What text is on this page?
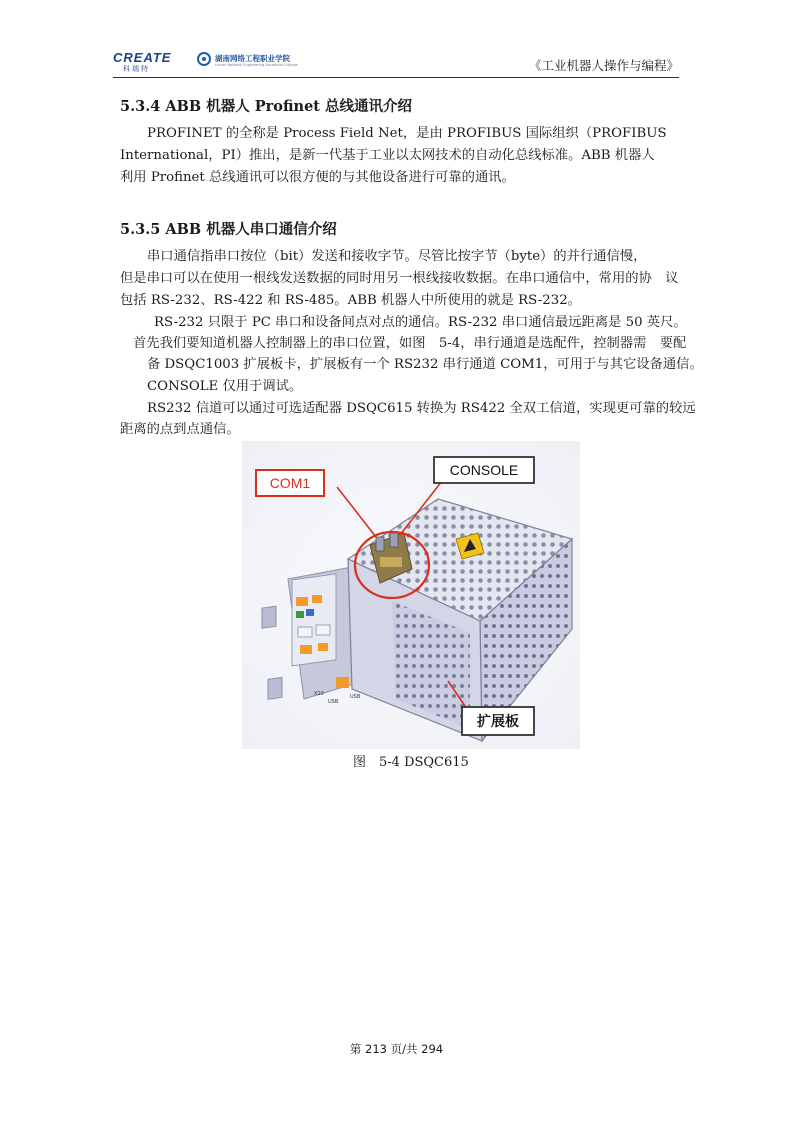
CREATE
科瑞特
湖南网络工程职业学院
Hunan Network Engineering Vocational College	《工业机器人操作与编程》
5.3.4 ABB 机器人 Profinet 总线通讯介绍
PROFINET 的全称是 Process Field Net，是由 PROFIBUS 国际组织（PROFIBUS
International，PI）推出，是新一代基于工业以太网技术的自动化总线标准。ABB 机器人
利用 Profinet 总线通讯可以很方便的与其他设备进行可靠的通讯。
5.3.5 ABB 机器人串口通信介绍
串口通信指串口按位（bit）发送和接收字节。尽管比按字节（byte）的并行通信慢，
但是串口可以在使用一根线发送数据的同时用另一根线接收数据。在串口通信中，常用的协　议
包括 RS-232、RS-422 和 RS-485。ABB 机器人中所使用的就是 RS-232。
RS-232 只限于 PC 串口和设备间点对点的通信。RS-232 串口通信最远距离是 50 英尺。
首先我们要知道机器人控制器上的串口位置，如图　5-4，串行通道是选配件，控制器需　要配
备 DSQC1003 扩展板卡，扩展板有一个 RS232 串行通道 COM1，可用于与其它设备通信。
CONSOLE 仅用于调试。
RS232 信道可以通过可选适配器 DSQC615 转换为 RS422 全双工信道，实现更可靠的较远
距离的点到点通信。
X10
USB
USB
COM1
CONSOLE
扩展板
图　5-4 DSQC615
第 213 页/共 294
